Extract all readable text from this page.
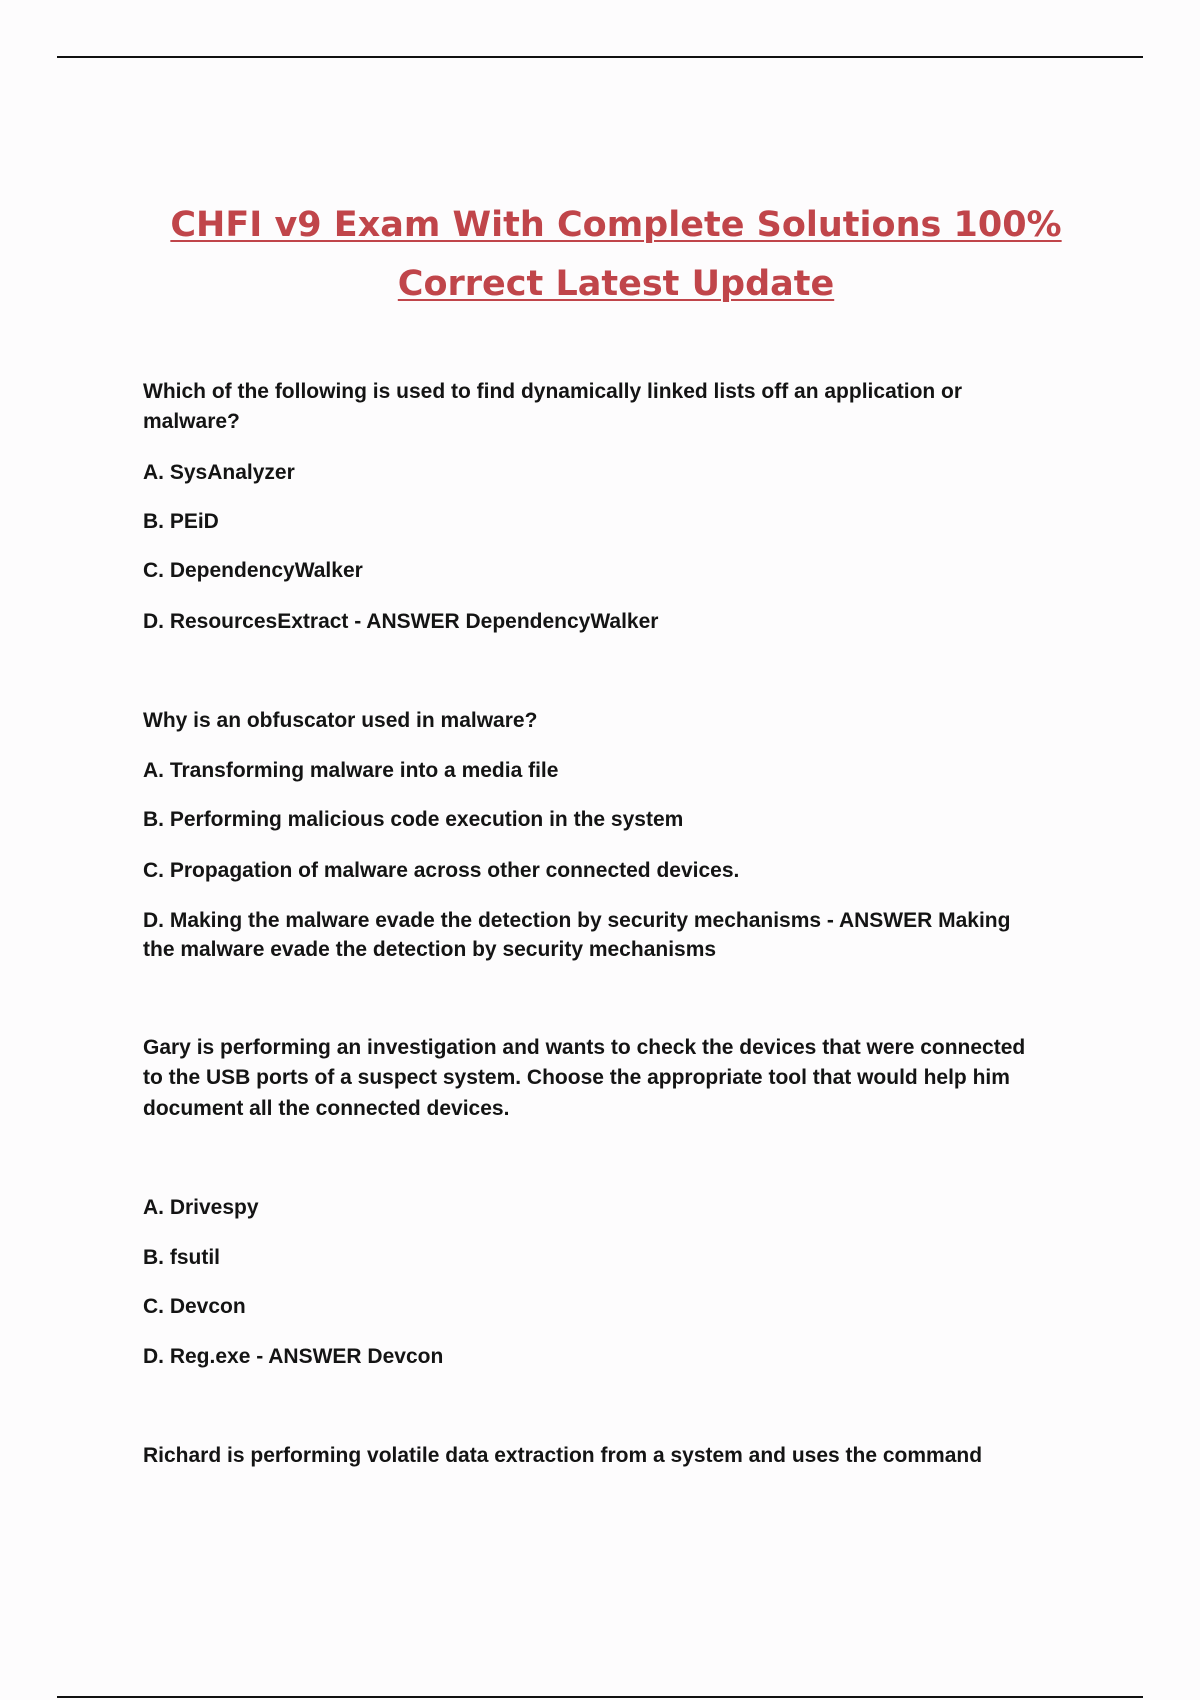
CHFI v9 Exam With Complete Solutions 100%
Correct Latest Update

Which of the following is used to find dynamically linked lists off an application or

malware?

A. SysAnalyzer

B. PEiD

C. DependencyWalker

D. ResourcesExtract - ANSWER DependencyWalker

Why is an obfuscator used in malware?

A. Transforming malware into a media file

B. Performing malicious code execution in the system

C. Propagation of malware across other connected devices.

D. Making the malware evade the detection by security mechanisms - ANSWER Making

the malware evade the detection by security mechanisms

Gary is performing an investigation and wants to check the devices that were connected

to the USB ports of a suspect system. Choose the appropriate tool that would help him

document all the connected devices.

A. Drivespy

B. fsutil

C. Devcon

D. Reg.exe - ANSWER Devcon

Richard is performing volatile data extraction from a system and uses the command
